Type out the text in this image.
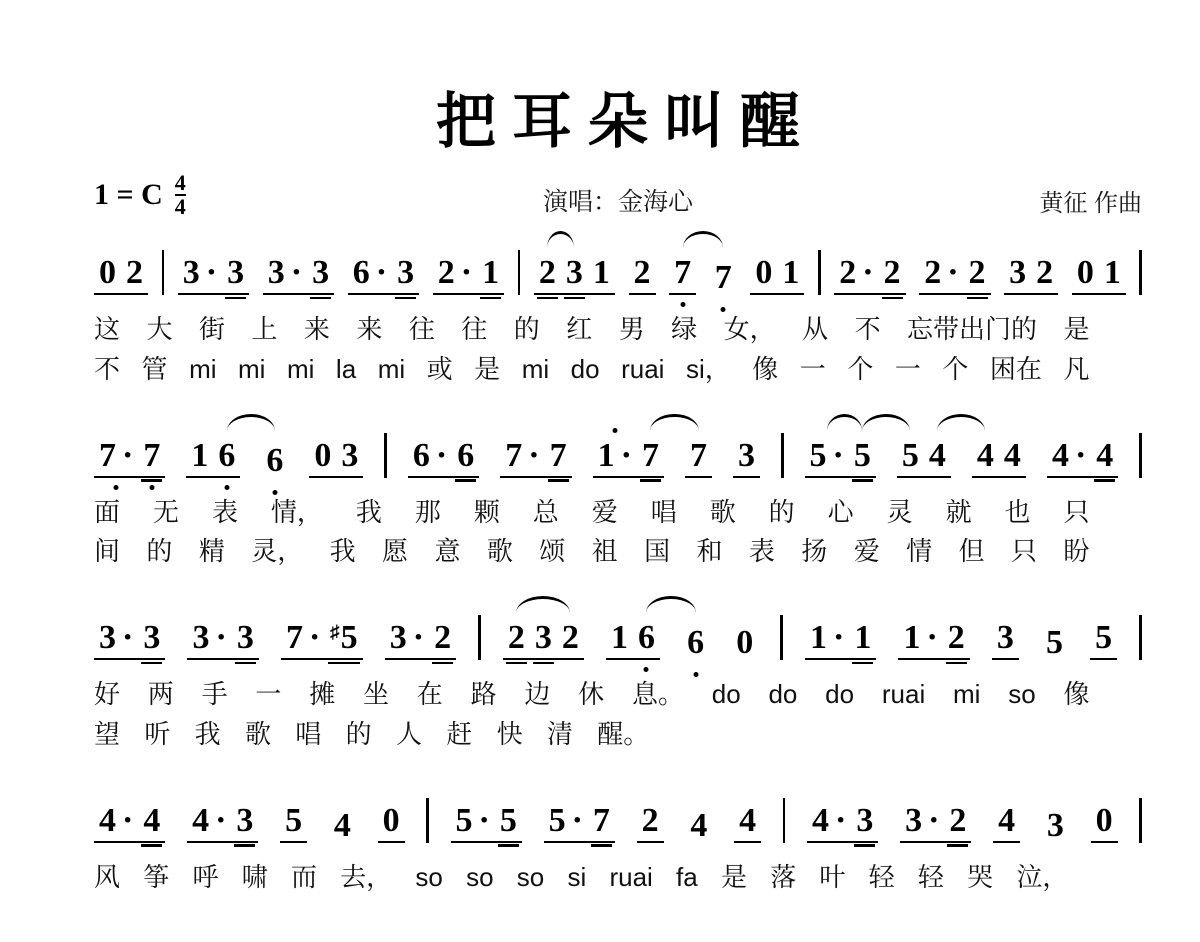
把耳朵叫醒
1 = C 4
4	演唱：金海心	黄征 作曲
0 2 3 · 3 3 · 3 6 · 3 2 · 1 2 3 1 2 7 7 0 1 2 · 2 2 · 2 3 2 0 1
这 大 街 上 来 来 往 往 的 红 男 绿 女， 从 不 忘带出门的 是
不 管 mi mi mi la mi 或 是 mi do ruai si， 像 一 个 一 个 困在 凡
7 · 7 1 6 6 0 3 6 · 6 7 · 7 1 · 7 7 3 5 · 5 5 4 4 4 4 · 4
面 无 表 情， 我 那 颗 总 爱 唱 歌 的 心 灵 就 也 只
间 的 精 灵， 我 愿 意 歌 颂 祖 国 和 表 扬 爱 情 但 只 盼
3 · 3 3 · 3 7 · ♯5 3 · 2 2 3 2 1 6 6 0 1 · 1 1 · 2 3 5 5
好 两 手 一 摊 坐 在 路 边 休 息。 do do do ruai mi so 像
望 听 我 歌 唱 的 人 赶 快 清 醒。
4 · 4 4 · 3 5 4 0 5 · 5 5 · 7 2 4 4 4 · 3 3 · 2 4 3 0
风 筝 呼 啸 而 去， so so so si ruai fa 是 落 叶 轻 轻 哭 泣，
